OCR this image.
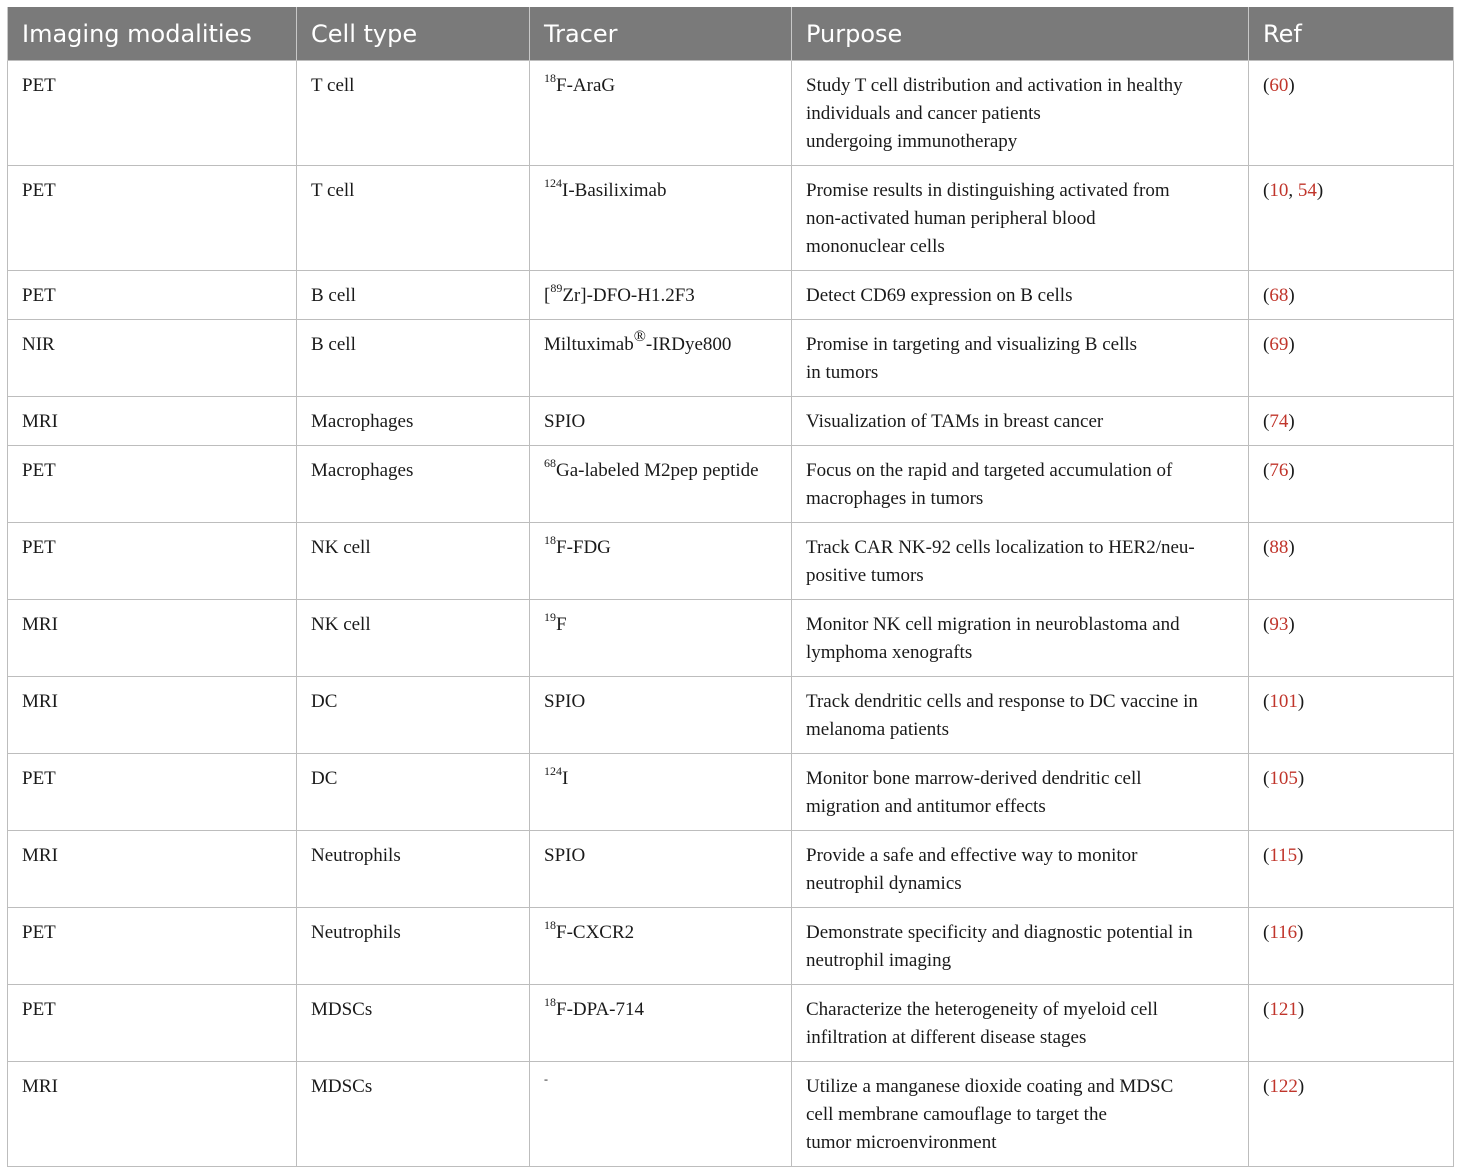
Imaging modalities	Cell type	Tracer	Purpose	Ref
PET	T cell	$^{18}$F-AraG	Study T cell distribution and activation in healthy
individuals and cancer patients
undergoing immunotherapy	(60)
PET	T cell	$^{124}$I-Basiliximab	Promise results in distinguishing activated from
non-activated human peripheral blood
mononuclear cells	(10, 54)
PET	B cell	[$^{89}$Zr]-DFO-H1.2F3	Detect CD69 expression on B cells	(68)
NIR	B cell	Miltuximab®-IRDye800	Promise in targeting and visualizing B cells
in tumors	(69)
MRI	Macrophages	SPIO	Visualization of TAMs in breast cancer	(74)
PET	Macrophages	$^{68}$Ga-labeled M2pep peptide	Focus on the rapid and targeted accumulation of
macrophages in tumors	(76)
PET	NK cell	$^{18}$F-FDG	Track CAR NK-92 cells localization to HER2/neu-
positive tumors	(88)
MRI	NK cell	$^{19}$F	Monitor NK cell migration in neuroblastoma and
lymphoma xenografts	(93)
MRI	DC	SPIO	Track dendritic cells and response to DC vaccine in
melanoma patients	(101)
PET	DC	$^{124}$I	Monitor bone marrow-derived dendritic cell
migration and antitumor effects	(105)
MRI	Neutrophils	SPIO	Provide a safe and effective way to monitor
neutrophil dynamics	(115)
PET	Neutrophils	$^{18}$F-CXCR2	Demonstrate specificity and diagnostic potential in
neutrophil imaging	(116)
PET	MDSCs	$^{18}$F-DPA-714	Characterize the heterogeneity of myeloid cell
infiltration at different disease stages	(121)
MRI	MDSCs	-	Utilize a manganese dioxide coating and MDSC
cell membrane camouflage to target the
tumor microenvironment	(122)
